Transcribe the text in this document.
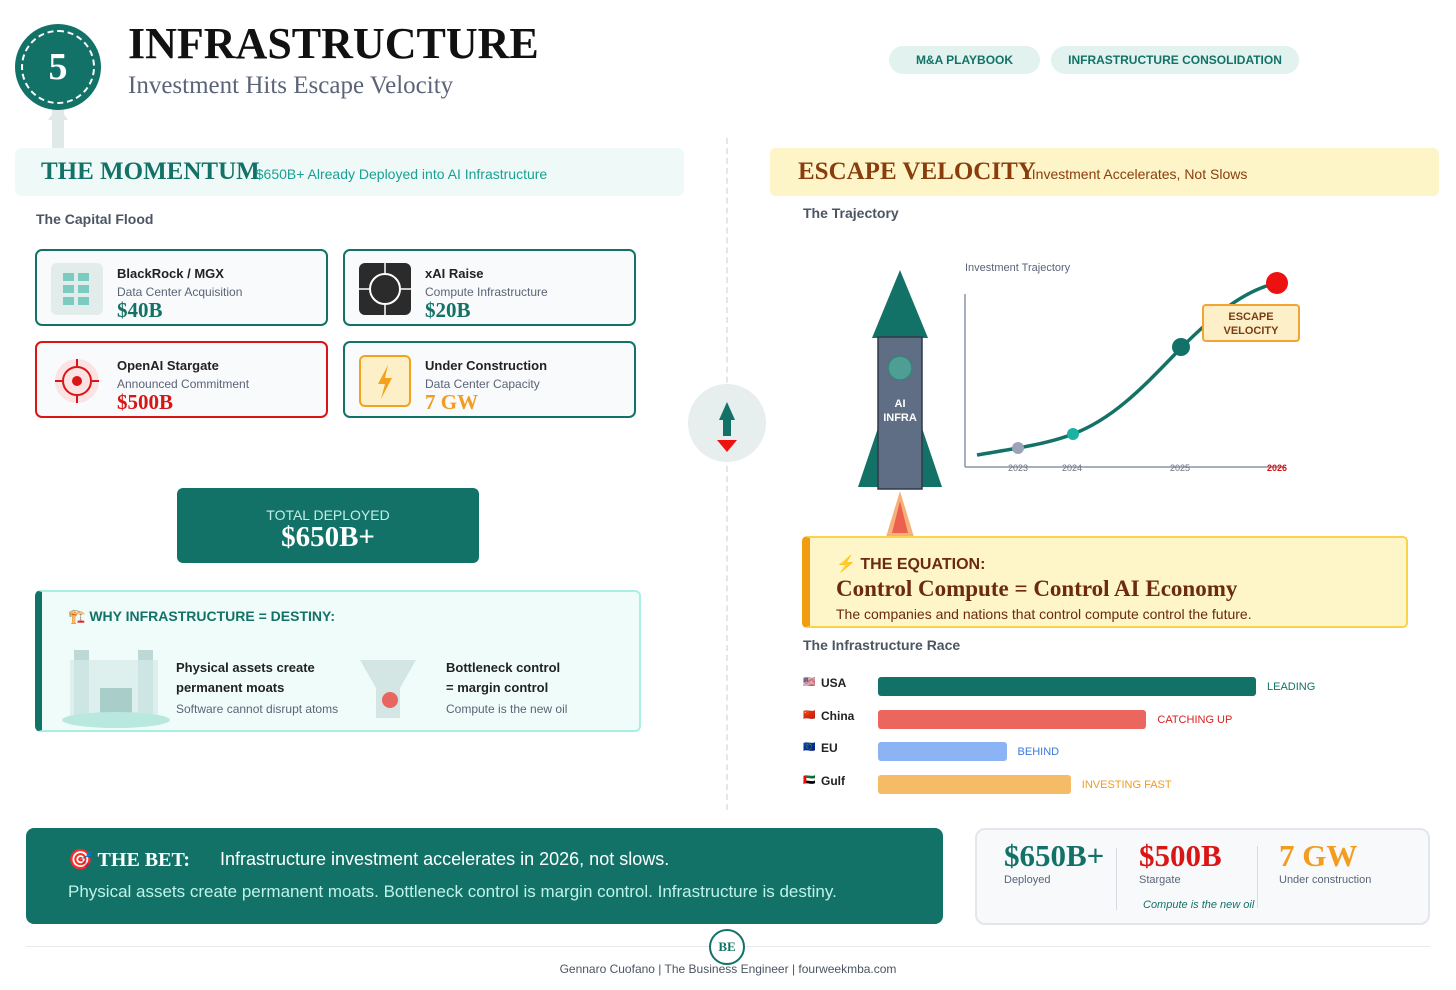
5 INFRASTRUCTURE
Investment Hits Escape Velocity
M&A PLAYBOOK	INFRASTRUCTURE CONSOLIDATION
THE MOMENTUM

$650B+ Already Deployed into AI Infrastructure

The Capital Flood
BlackRock / MGX
Data Center Acquisition
$40B
xAI Raise
Compute Infrastructure
$20B
OpenAI Stargate
Announced Commitment
$500B
Under Construction
Data Center Capacity
7 GW
TOTAL DEPLOYED
$650B+
🏗️ WHY INFRASTRUCTURE = DESTINY:
Physical assets create
permanent moats
Software cannot disrupt atoms
Bottleneck control
= margin control
Compute is the new oil
ESCAPE VELOCITY

Investment Accelerates, Not Slows

The Trajectory
AI
INFRA
Investment Trajectory
2023	2024	2025	2026
ESCAPE
VELOCITY
⚡ THE EQUATION:
Control Compute = Control AI Economy
The companies and nations that control compute control the future.
The Infrastructure Race
🇺🇸 USA	LEADING
🇨🇳 China	CATCHING UP
🇪🇺 EU	BEHIND
🇦🇪 Gulf	INVESTING FAST
🎯 THE BET: Infrastructure investment accelerates in 2026, not slows.
Physical assets create permanent moats. Bottleneck control is margin control. Infrastructure is destiny.
$650B+
Deployed
$500B
Stargate
7 GW
Under construction
Compute is the new oil
BE
Gennaro Cuofano | The Business Engineer | fourweekmba.com
